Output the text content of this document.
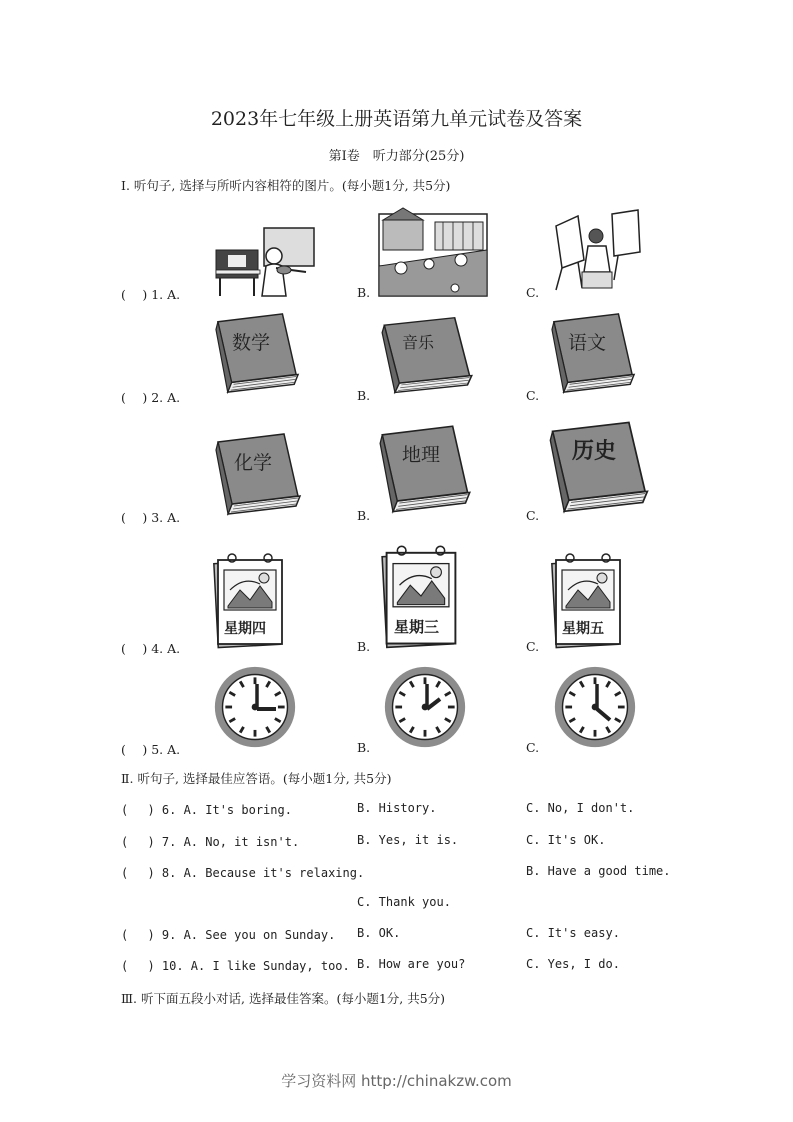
2023年七年级上册英语第九单元试卷及答案
第Ⅰ卷　听力部分(25分)
Ⅰ. 听句子, 选择与所听内容相符的图片。(每小题1分, 共5分)
(　 ) 1. A.	B.	C.
(　 ) 2. A.
数学
B.
音乐
C.
语文
(　 ) 3. A.
化学
B.
地理
C.
历史
(　 ) 4. A.
星期四
B.
星期三
C.
星期五
(　 ) 5. A.	B.	C.
Ⅱ. 听句子, 选择最佳应答语。(每小题1分, 共5分)
(　 ) 6. A. It's boring.	B. History.	C. No, I don't.
(　 ) 7. A. No, it isn't.	B. Yes, it is.	C. It's OK.
(　 ) 8. A. Because it's relaxing.	B. Have a good time.
C. Thank you.
(　 ) 9. A. See you on Sunday. B. OK.	C. It's easy.
(　 ) 10. A. I like Sunday, too. B. How are you?	C. Yes, I do.
Ⅲ. 听下面五段小对话, 选择最佳答案。(每小题1分, 共5分)
学习资料网 http://chinakzw.com
